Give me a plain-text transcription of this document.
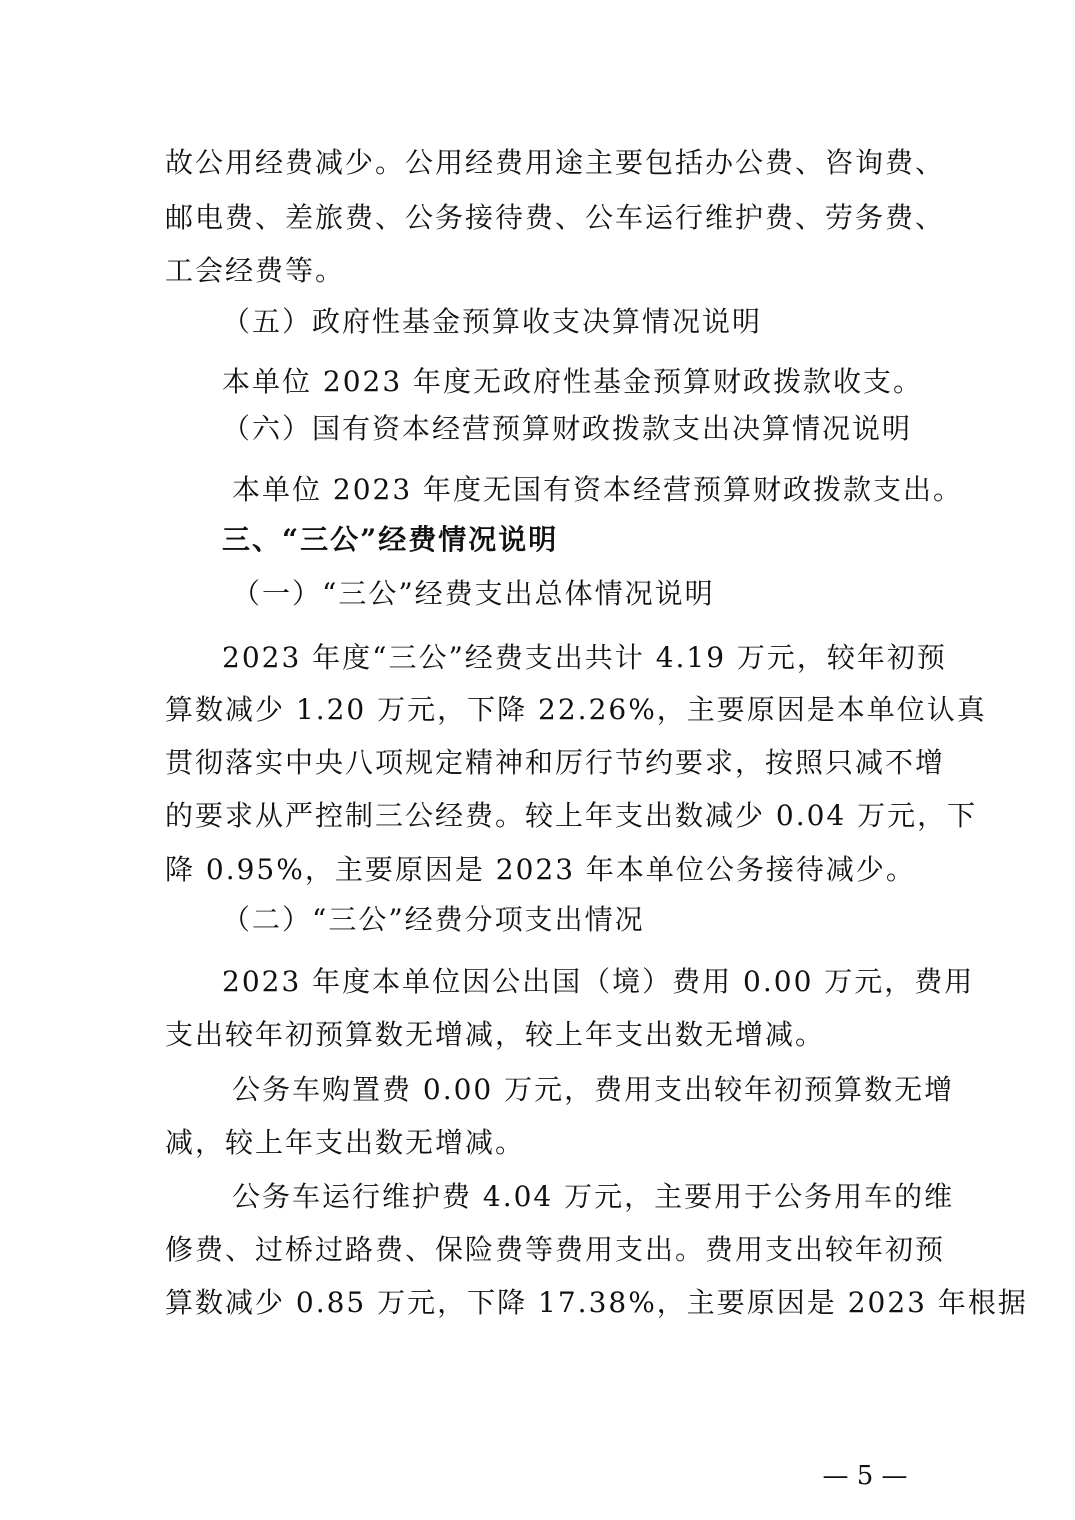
故公用经费减少。公用经费用途主要包括办公费、咨询费、
邮电费、差旅费、公务接待费、公车运行维护费、劳务费、
工会经费等。
（五）政府性基金预算收支决算情况说明
本单位 2023 年度无政府性基金预算财政拨款收支。
（六）国有资本经营预算财政拨款支出决算情况说明
本单位 2023 年度无国有资本经营预算财政拨款支出。
三、“三公”经费情况说明
（一）“三公”经费支出总体情况说明
2023 年度“三公”经费支出共计 4.19 万元，较年初预
算数减少 1.20 万元，下降 22.26%，主要原因是本单位认真
贯彻落实中央八项规定精神和厉行节约要求，按照只减不增
的要求从严控制三公经费。较上年支出数减少 0.04 万元，下
降 0.95%，主要原因是 2023 年本单位公务接待减少。
（二）“三公”经费分项支出情况
2023 年度本单位因公出国（境）费用 0.00 万元，费用
支出较年初预算数无增减，较上年支出数无增减。
公务车购置费 0.00 万元，费用支出较年初预算数无增
减，较上年支出数无增减。
公务车运行维护费 4.04 万元，主要用于公务用车的维
修费、过桥过路费、保险费等费用支出。费用支出较年初预
算数减少 0.85 万元，下降 17.38%，主要原因是 2023 年根据
— 5 —
